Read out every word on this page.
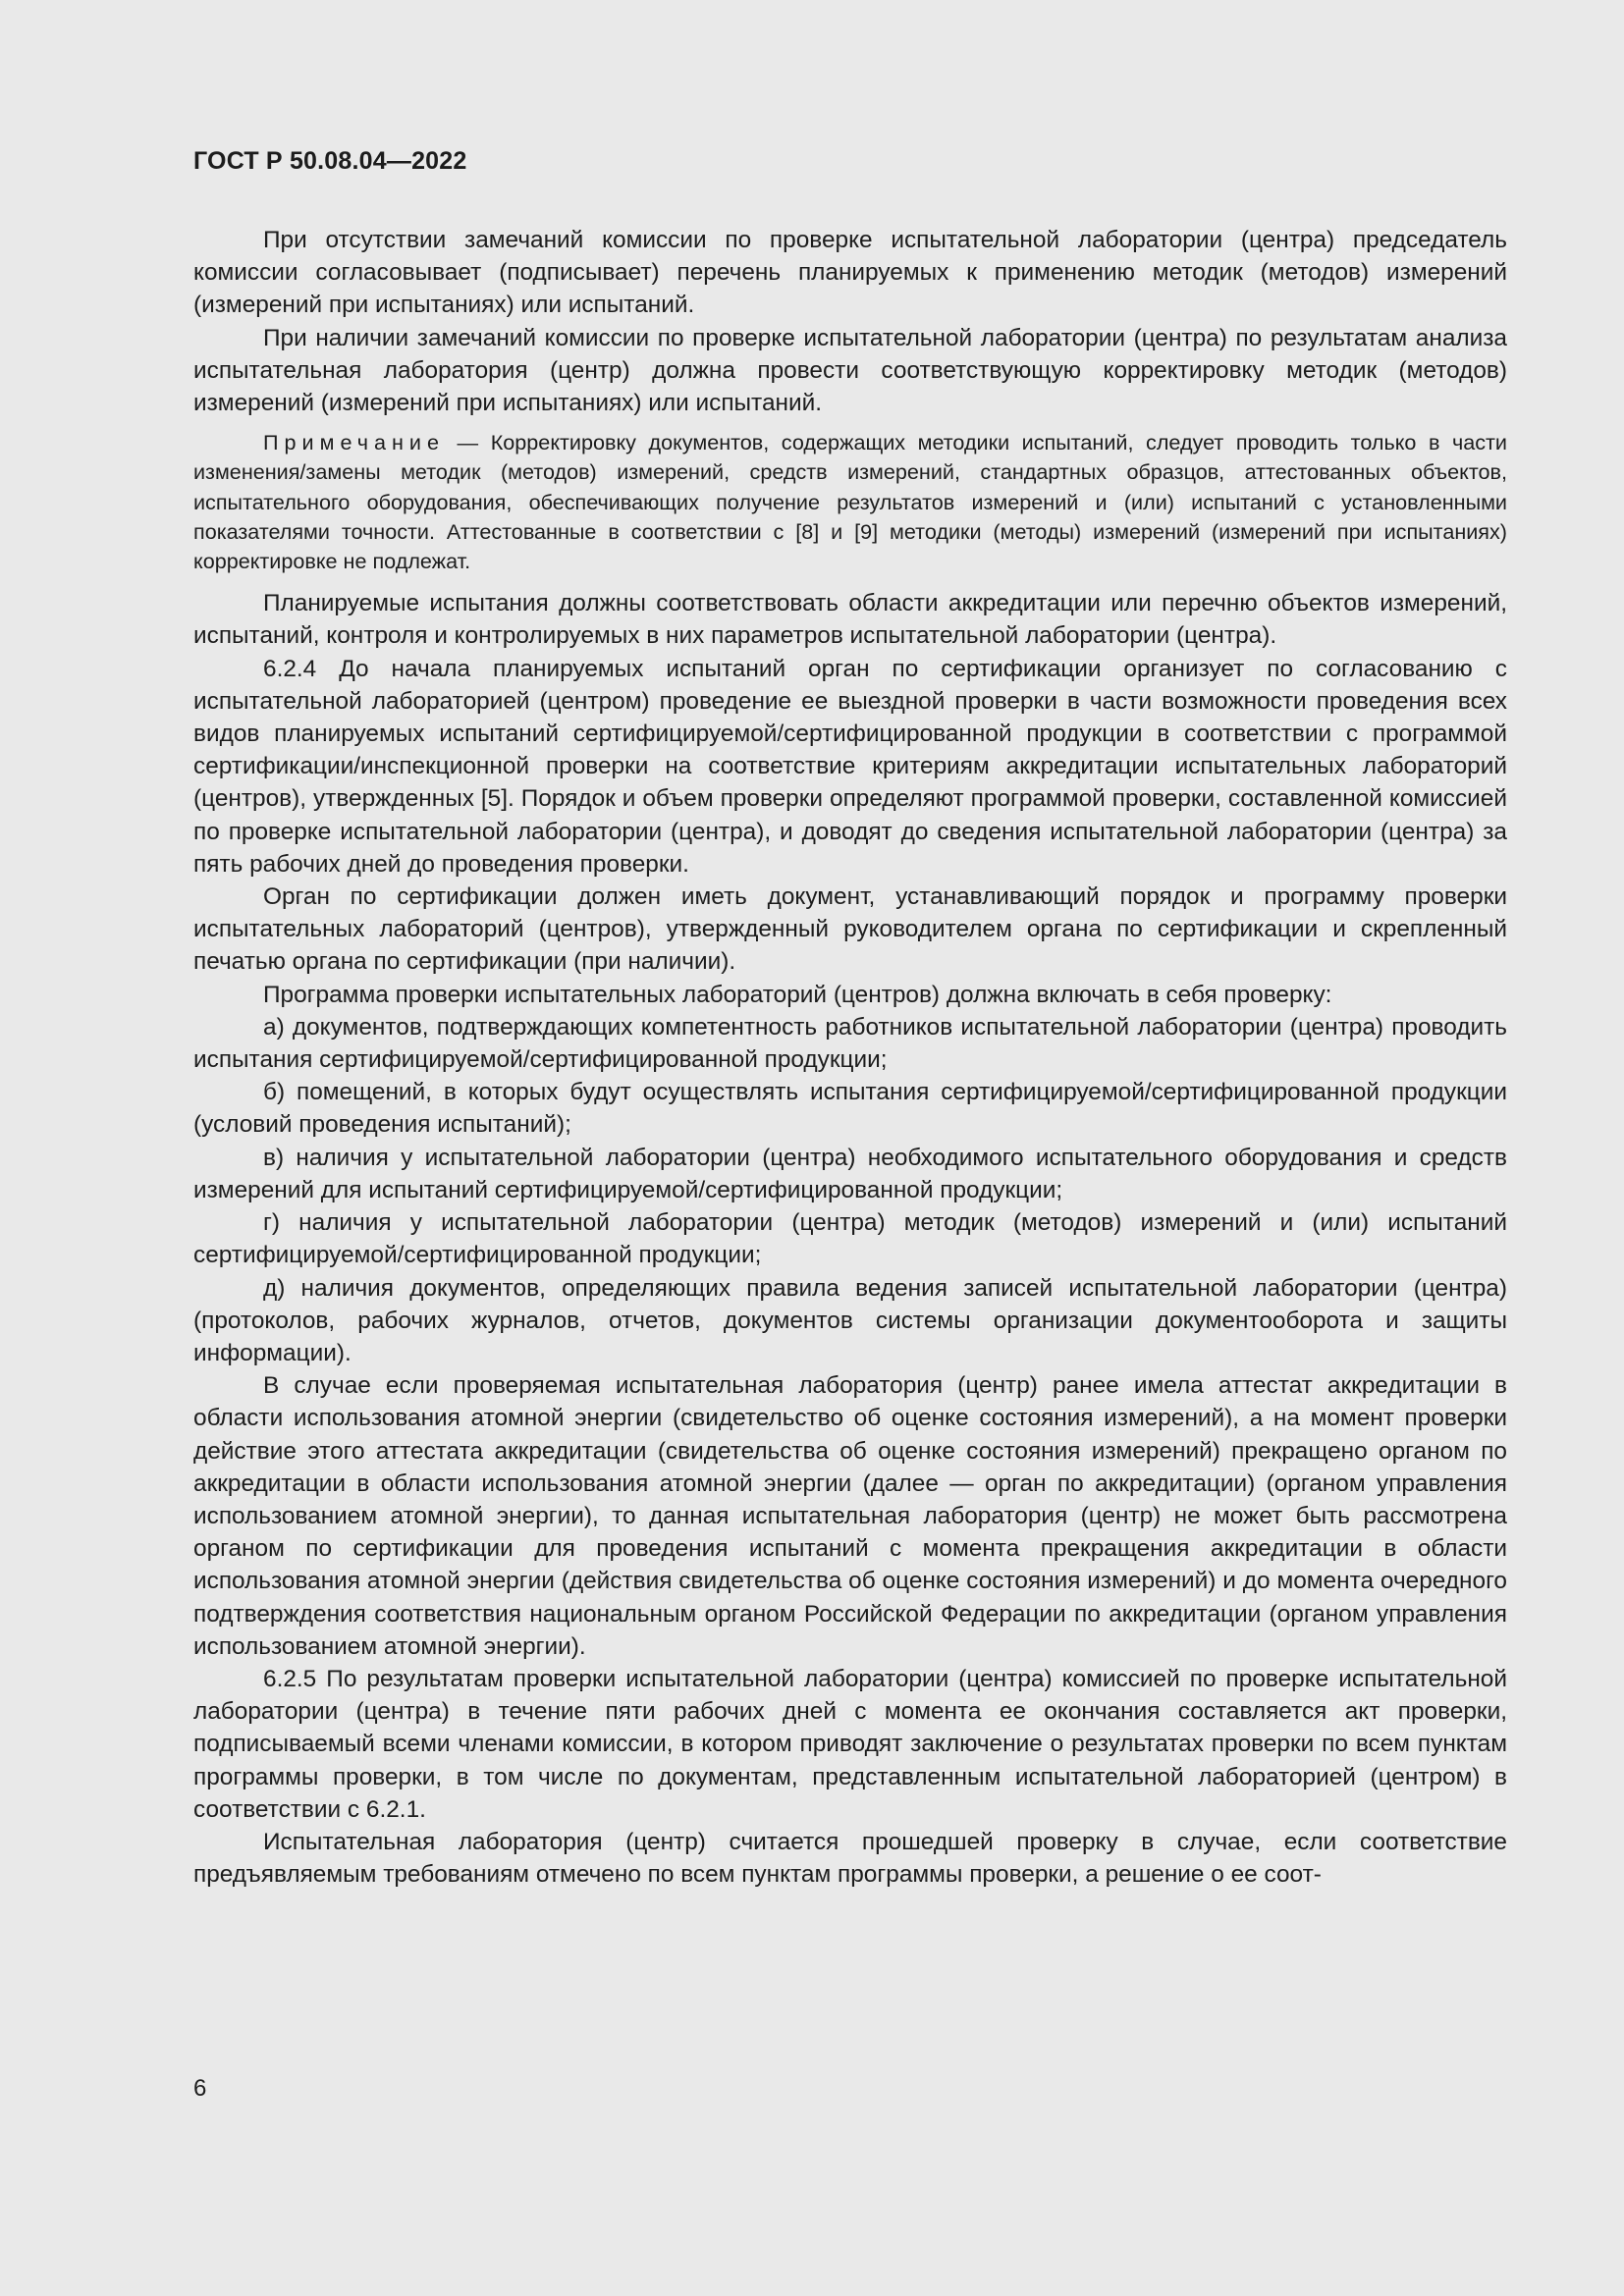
ГОСТ Р 50.08.04—2022

При отсутствии замечаний комиссии по проверке испытательной лаборатории (центра) председатель комиссии согласовывает (подписывает) перечень планируемых к применению методик (методов) измерений (измерений при испытаниях) или испытаний.

При наличии замечаний комиссии по проверке испытательной лаборатории (центра) по результатам анализа испытательная лаборатория (центр) должна провести соответствующую корректировку методик (методов) измерений (измерений при испытаниях) или испытаний.

Примечание — Корректировку документов, содержащих методики испытаний, следует проводить только в части изменения/замены методик (методов) измерений, средств измерений, стандартных образцов, аттестованных объектов, испытательного оборудования, обеспечивающих получение результатов измерений и (или) испытаний с установленными показателями точности. Аттестованные в соответствии с [8] и [9] методики (методы) измерений (измерений при испытаниях) корректировке не подлежат.

Планируемые испытания должны соответствовать области аккредитации или перечню объектов измерений, испытаний, контроля и контролируемых в них параметров испытательной лаборатории (центра).

6.2.4 До начала планируемых испытаний орган по сертификации организует по согласованию с испытательной лабораторией (центром) проведение ее выездной проверки в части возможности проведения всех видов планируемых испытаний сертифицируемой/сертифицированной продукции в соответствии с программой сертификации/инспекционной проверки на соответствие критериям аккредитации испытательных лабораторий (центров), утвержденных [5]. Порядок и объем проверки определяют программой проверки, составленной комиссией по проверке испытательной лаборатории (центра), и доводят до сведения испытательной лаборатории (центра) за пять рабочих дней до проведения проверки.

Орган по сертификации должен иметь документ, устанавливающий порядок и программу проверки испытательных лабораторий (центров), утвержденный руководителем органа по сертификации и скрепленный печатью органа по сертификации (при наличии).

Программа проверки испытательных лабораторий (центров) должна включать в себя проверку:

а) документов, подтверждающих компетентность работников испытательной лаборатории (центра) проводить испытания сертифицируемой/сертифицированной продукции;

б) помещений, в которых будут осуществлять испытания сертифицируемой/сертифицированной продукции (условий проведения испытаний);

в) наличия у испытательной лаборатории (центра) необходимого испытательного оборудования и средств измерений для испытаний сертифицируемой/сертифицированной продукции;

г) наличия у испытательной лаборатории (центра) методик (методов) измерений и (или) испытаний сертифицируемой/сертифицированной продукции;

д) наличия документов, определяющих правила ведения записей испытательной лаборатории (центра) (протоколов, рабочих журналов, отчетов, документов системы организации документооборота и защиты информации).

В случае если проверяемая испытательная лаборатория (центр) ранее имела аттестат аккредитации в области использования атомной энергии (свидетельство об оценке состояния измерений), а на момент проверки действие этого аттестата аккредитации (свидетельства об оценке состояния измерений) прекращено органом по аккредитации в области использования атомной энергии (далее — орган по аккредитации) (органом управления использованием атомной энергии), то данная испытательная лаборатория (центр) не может быть рассмотрена органом по сертификации для проведения испытаний с момента прекращения аккредитации в области использования атомной энергии (действия свидетельства об оценке состояния измерений) и до момента очередного подтверждения соответствия национальным органом Российской Федерации по аккредитации (органом управления использованием атомной энергии).

6.2.5 По результатам проверки испытательной лаборатории (центра) комиссией по проверке испытательной лаборатории (центра) в течение пяти рабочих дней с момента ее окончания составляется акт проверки, подписываемый всеми членами комиссии, в котором приводят заключение о результатах проверки по всем пунктам программы проверки, в том числе по документам, представленным испытательной лабораторией (центром) в соответствии с 6.2.1.

Испытательная лаборатория (центр) считается прошедшей проверку в случае, если соответствие предъявляемым требованиям отмечено по всем пунктам программы проверки, а решение о ее соот-

6
